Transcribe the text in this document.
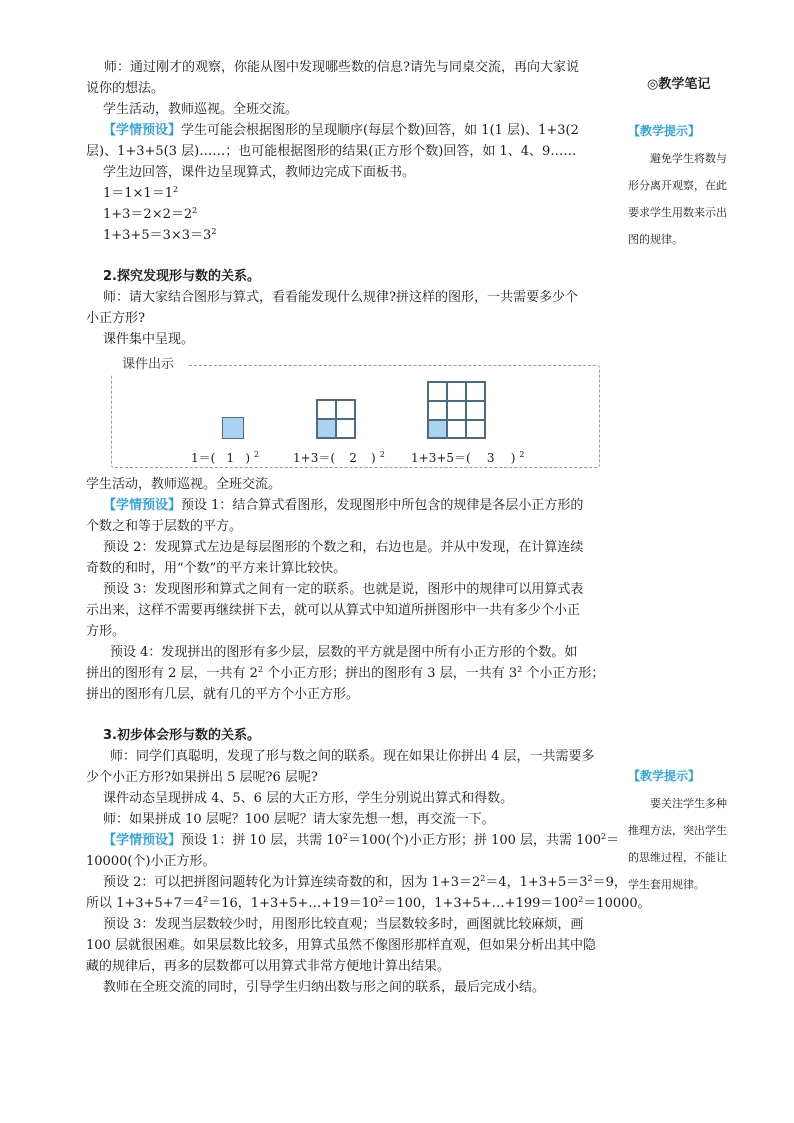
◎教学笔记
【教学提示】
避免学生将数与
形分离开观察，在此
要求学生用数来示出
图的规律。
【教学提示】
要关注学生多种
推理方法，突出学生
的思维过程，不能让
学生套用规律。
师：通过刚才的观察，你能从图中发现哪些数的信息?请先与同桌交流，再向大家说
说你的想法。
学生活动，教师巡视。全班交流。
【学情预设】学生可能会根据图形的呈现顺序(每层个数)回答，如 1(1 层)、1+3(2
层)、1+3+5(3 层)……；也可能根据图形的结果(正方形个数)回答，如 1、4、9……
学生边回答，课件边呈现算式，教师边完成下面板书。
$1=1\times 1=1^2$
$1+3=2\times 2=2^2$
$1+3+5=3\times 3=3^2$
2.探究发现形与数的关系。
师：请大家结合图形与算式，看看能发现什么规律?拼这样的图形，一共需要多少个
小正方形?
课件集中呈现。
学生活动，教师巡视。全班交流。
【学情预设】预设 1：结合算式看图形，发现图形中所包含的规律是各层小正方形的
个数之和等于层数的平方。
预设 2：发现算式左边是每层图形的个数之和，右边也是。并从中发现，在计算连续
奇数的和时，用“个数”的平方来计算比较快。
预设 3：发现图形和算式之间有一定的联系。也就是说，图形中的规律可以用算式表
示出来，这样不需要再继续拼下去，就可以从算式中知道所拼图形中一共有多少个小正
方形。
预设 4：发现拼出的图形有多少层，层数的平方就是图中所有小正方形的个数。如
拼出的图形有 2 层，一共有 $2^2$ 个小正方形；拼出的图形有 3 层，一共有 $3^2$ 个小正方形；
拼出的图形有几层，就有几的平方个小正方形。
3.初步体会形与数的关系。
师：同学们真聪明，发现了形与数之间的联系。现在如果让你拼出 4 层，一共需要多
少个小正方形?如果拼出 5 层呢?6 层呢?
课件动态呈现拼成 4、5、6 层的大正方形，学生分别说出算式和得数。
师：如果拼成 10 层呢？100 层呢？请大家先想一想，再交流一下。
【学情预设】预设 1：拼 10 层，共需 $10^2=100$(个)小正方形；拼 100 层，共需 $100^2=$
10000(个)小正方形。
预设 2：可以把拼图问题转化为计算连续奇数的和，因为 $1+3=2^2=4$，$1+3+5=3^2=9$，
所以 $1+3+5+7=4^2=16$，$1+3+5+\dots+19=10^2=100$，$1+3+5+\dots+199=100^2=10000$。
预设 3：发现当层数较少时，用图形比较直观；当层数较多时，画图就比较麻烦，画
100 层就很困难。如果层数比较多，用算式虽然不像图形那样直观，但如果分析出其中隐
藏的规律后，再多的层数都可以用算式非常方便地计算出结果。
教师在全班交流的同时，引导学生归纳出数与形之间的联系，最后完成小结。
课件出示
1＝( 1 ) $^2$	1+3＝( 2 ) $^2$ 1+3+5＝( 3 ) $^2$
